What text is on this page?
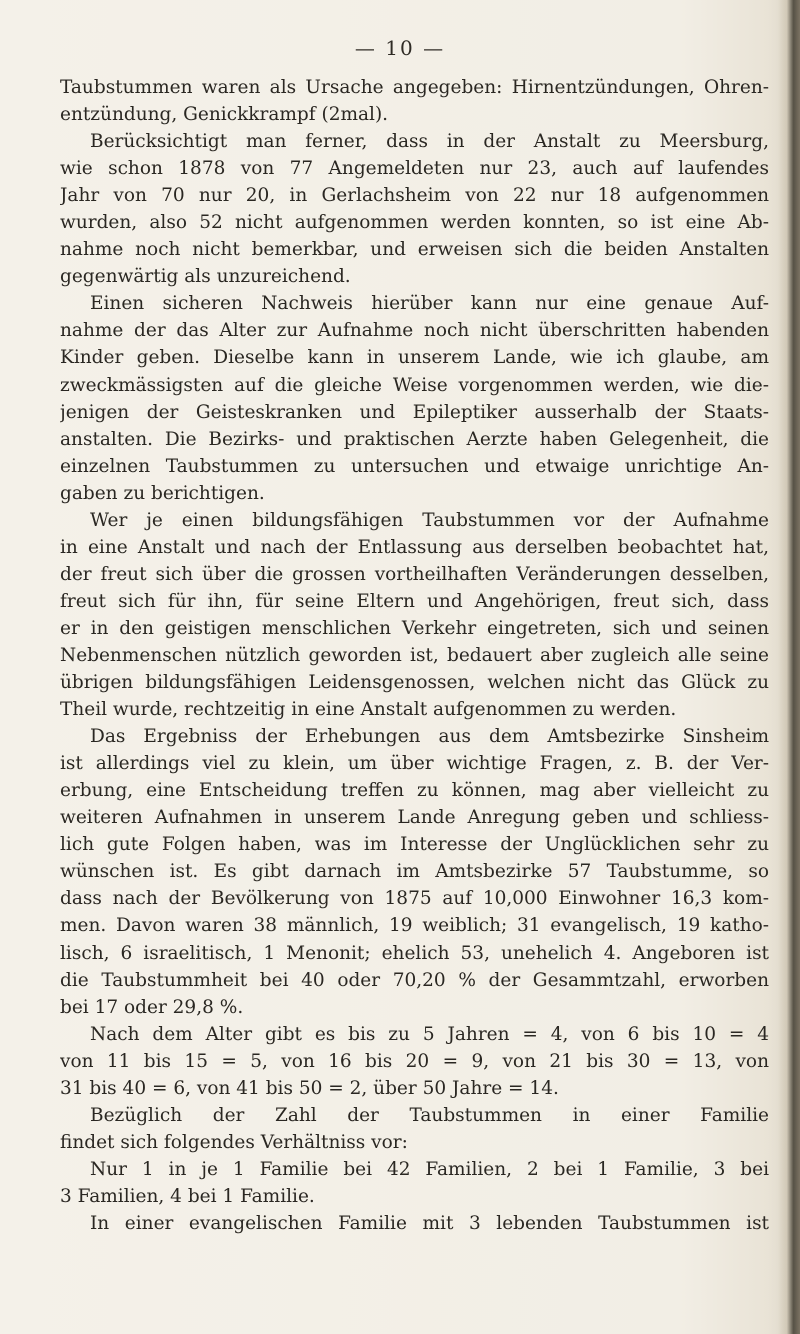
— 10 —
Taubstummen waren als Ursache angegeben: Hirnentzündungen, Ohren-
entzündung, Genickkrampf (2mal).
Berücksichtigt man ferner, dass in der Anstalt zu Meersburg,
wie schon 1878 von 77 Angemeldeten nur 23, auch auf laufendes
Jahr von 70 nur 20, in Gerlachsheim von 22 nur 18 aufgenommen
wurden, also 52 nicht aufgenommen werden konnten, so ist eine Ab-
nahme noch nicht bemerkbar, und erweisen sich die beiden Anstalten
gegenwärtig als unzureichend.
Einen sicheren Nachweis hierüber kann nur eine genaue Auf-
nahme der das Alter zur Aufnahme noch nicht überschritten habenden
Kinder geben. Dieselbe kann in unserem Lande, wie ich glaube, am
zweckmässigsten auf die gleiche Weise vorgenommen werden, wie die-
jenigen der Geisteskranken und Epileptiker ausserhalb der Staats-
anstalten. Die Bezirks- und praktischen Aerzte haben Gelegenheit, die
einzelnen Taubstummen zu untersuchen und etwaige unrichtige An-
gaben zu berichtigen.
Wer je einen bildungsfähigen Taubstummen vor der Aufnahme
in eine Anstalt und nach der Entlassung aus derselben beobachtet hat,
der freut sich über die grossen vortheilhaften Veränderungen desselben,
freut sich für ihn, für seine Eltern und Angehörigen, freut sich, dass
er in den geistigen menschlichen Verkehr eingetreten, sich und seinen
Nebenmenschen nützlich geworden ist, bedauert aber zugleich alle seine
übrigen bildungsfähigen Leidensgenossen, welchen nicht das Glück zu
Theil wurde, rechtzeitig in eine Anstalt aufgenommen zu werden.
Das Ergebniss der Erhebungen aus dem Amtsbezirke Sinsheim
ist allerdings viel zu klein, um über wichtige Fragen, z. B. der Ver-
erbung, eine Entscheidung treffen zu können, mag aber vielleicht zu
weiteren Aufnahmen in unserem Lande Anregung geben und schliess-
lich gute Folgen haben, was im Interesse der Unglücklichen sehr zu
wünschen ist. Es gibt darnach im Amtsbezirke 57 Taubstumme, so
dass nach der Bevölkerung von 1875 auf 10,000 Einwohner 16,3 kom-
men. Davon waren 38 männlich, 19 weiblich; 31 evangelisch, 19 katho-
lisch, 6 israelitisch, 1 Menonit; ehelich 53, unehelich 4. Angeboren ist
die Taubstummheit bei 40 oder 70,20 % der Gesammtzahl, erworben
bei 17 oder 29,8 %.
Nach dem Alter gibt es bis zu 5 Jahren = 4, von 6 bis 10 = 4
von 11 bis 15 = 5, von 16 bis 20 = 9, von 21 bis 30 = 13, von
31 bis 40 = 6, von 41 bis 50 = 2, über 50 Jahre = 14.
Bezüglich der Zahl der Taubstummen in einer Familie
findet sich folgendes Verhältniss vor:
Nur 1 in je 1 Familie bei 42 Familien, 2 bei 1 Familie, 3 bei
3 Familien, 4 bei 1 Familie.
In einer evangelischen Familie mit 3 lebenden Taubstummen ist
